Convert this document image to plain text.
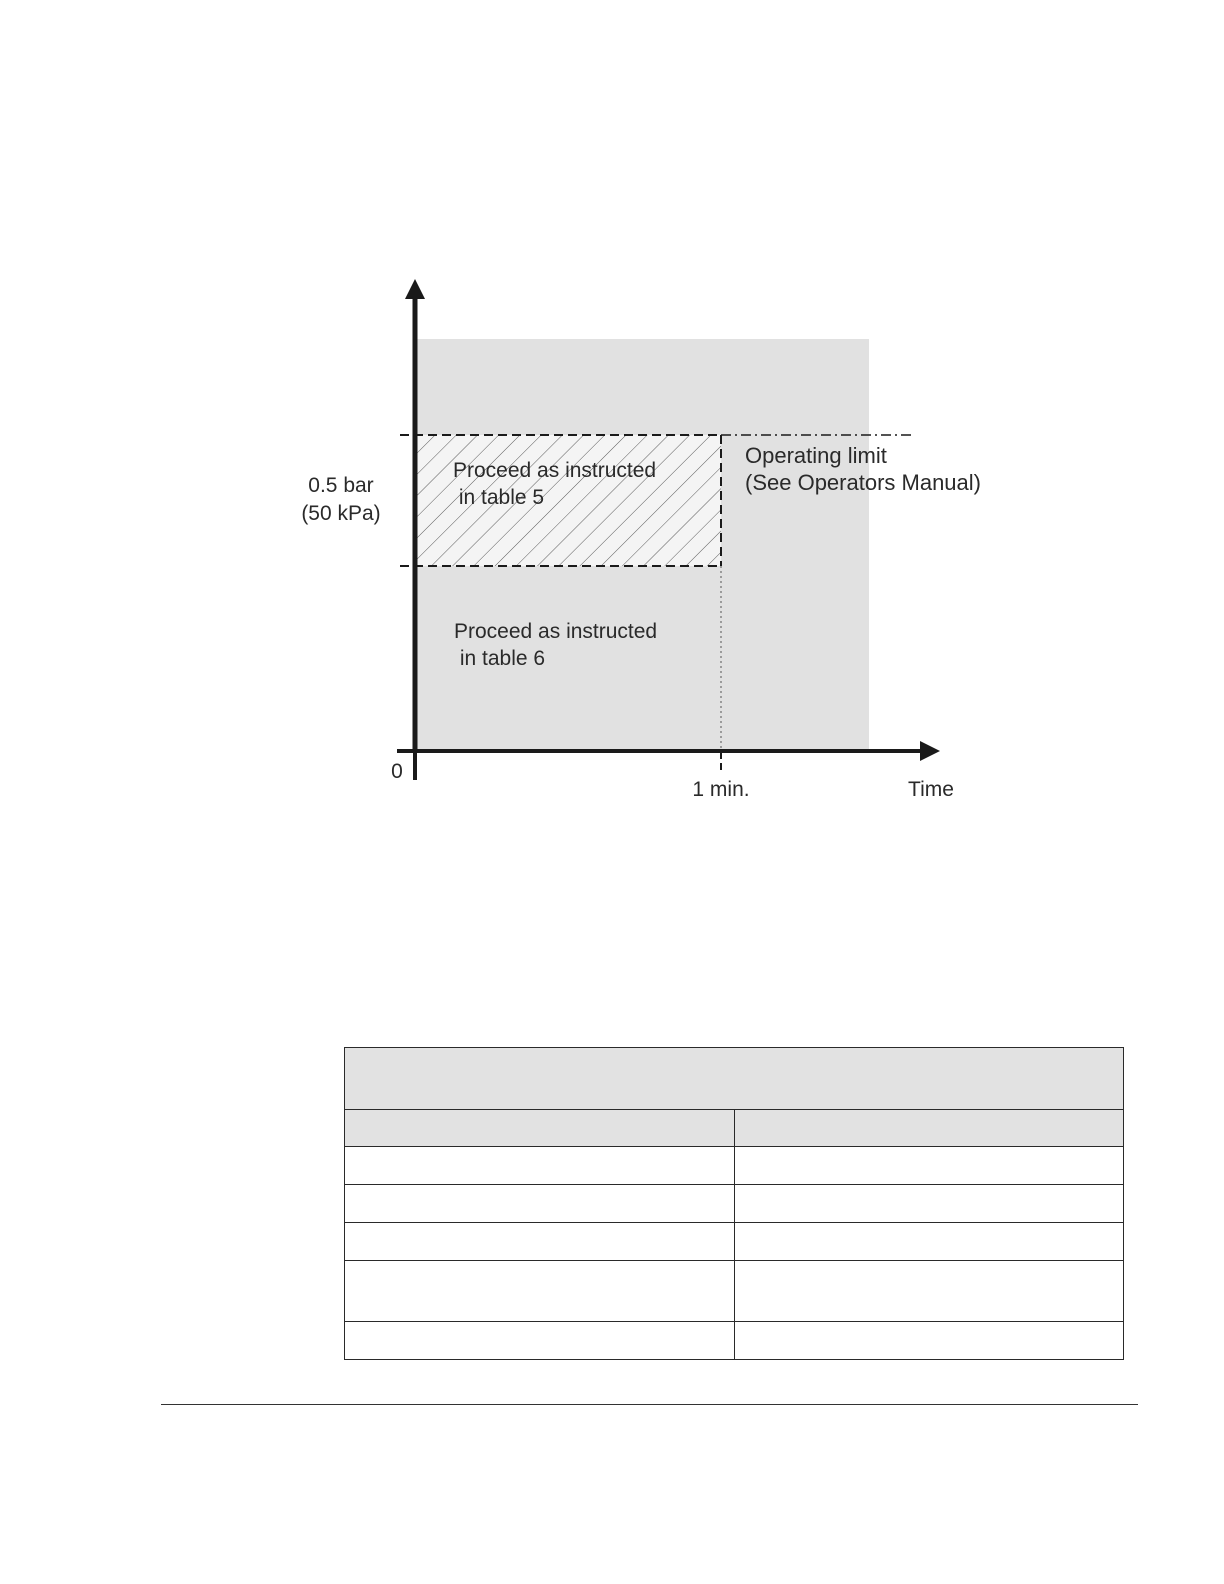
0.5 bar
(50 kPa)
Proceed as instructed
in table 5
Operating limit
(See Operators Manual)
Proceed as instructed
in table 6
0
1 min.	Time
